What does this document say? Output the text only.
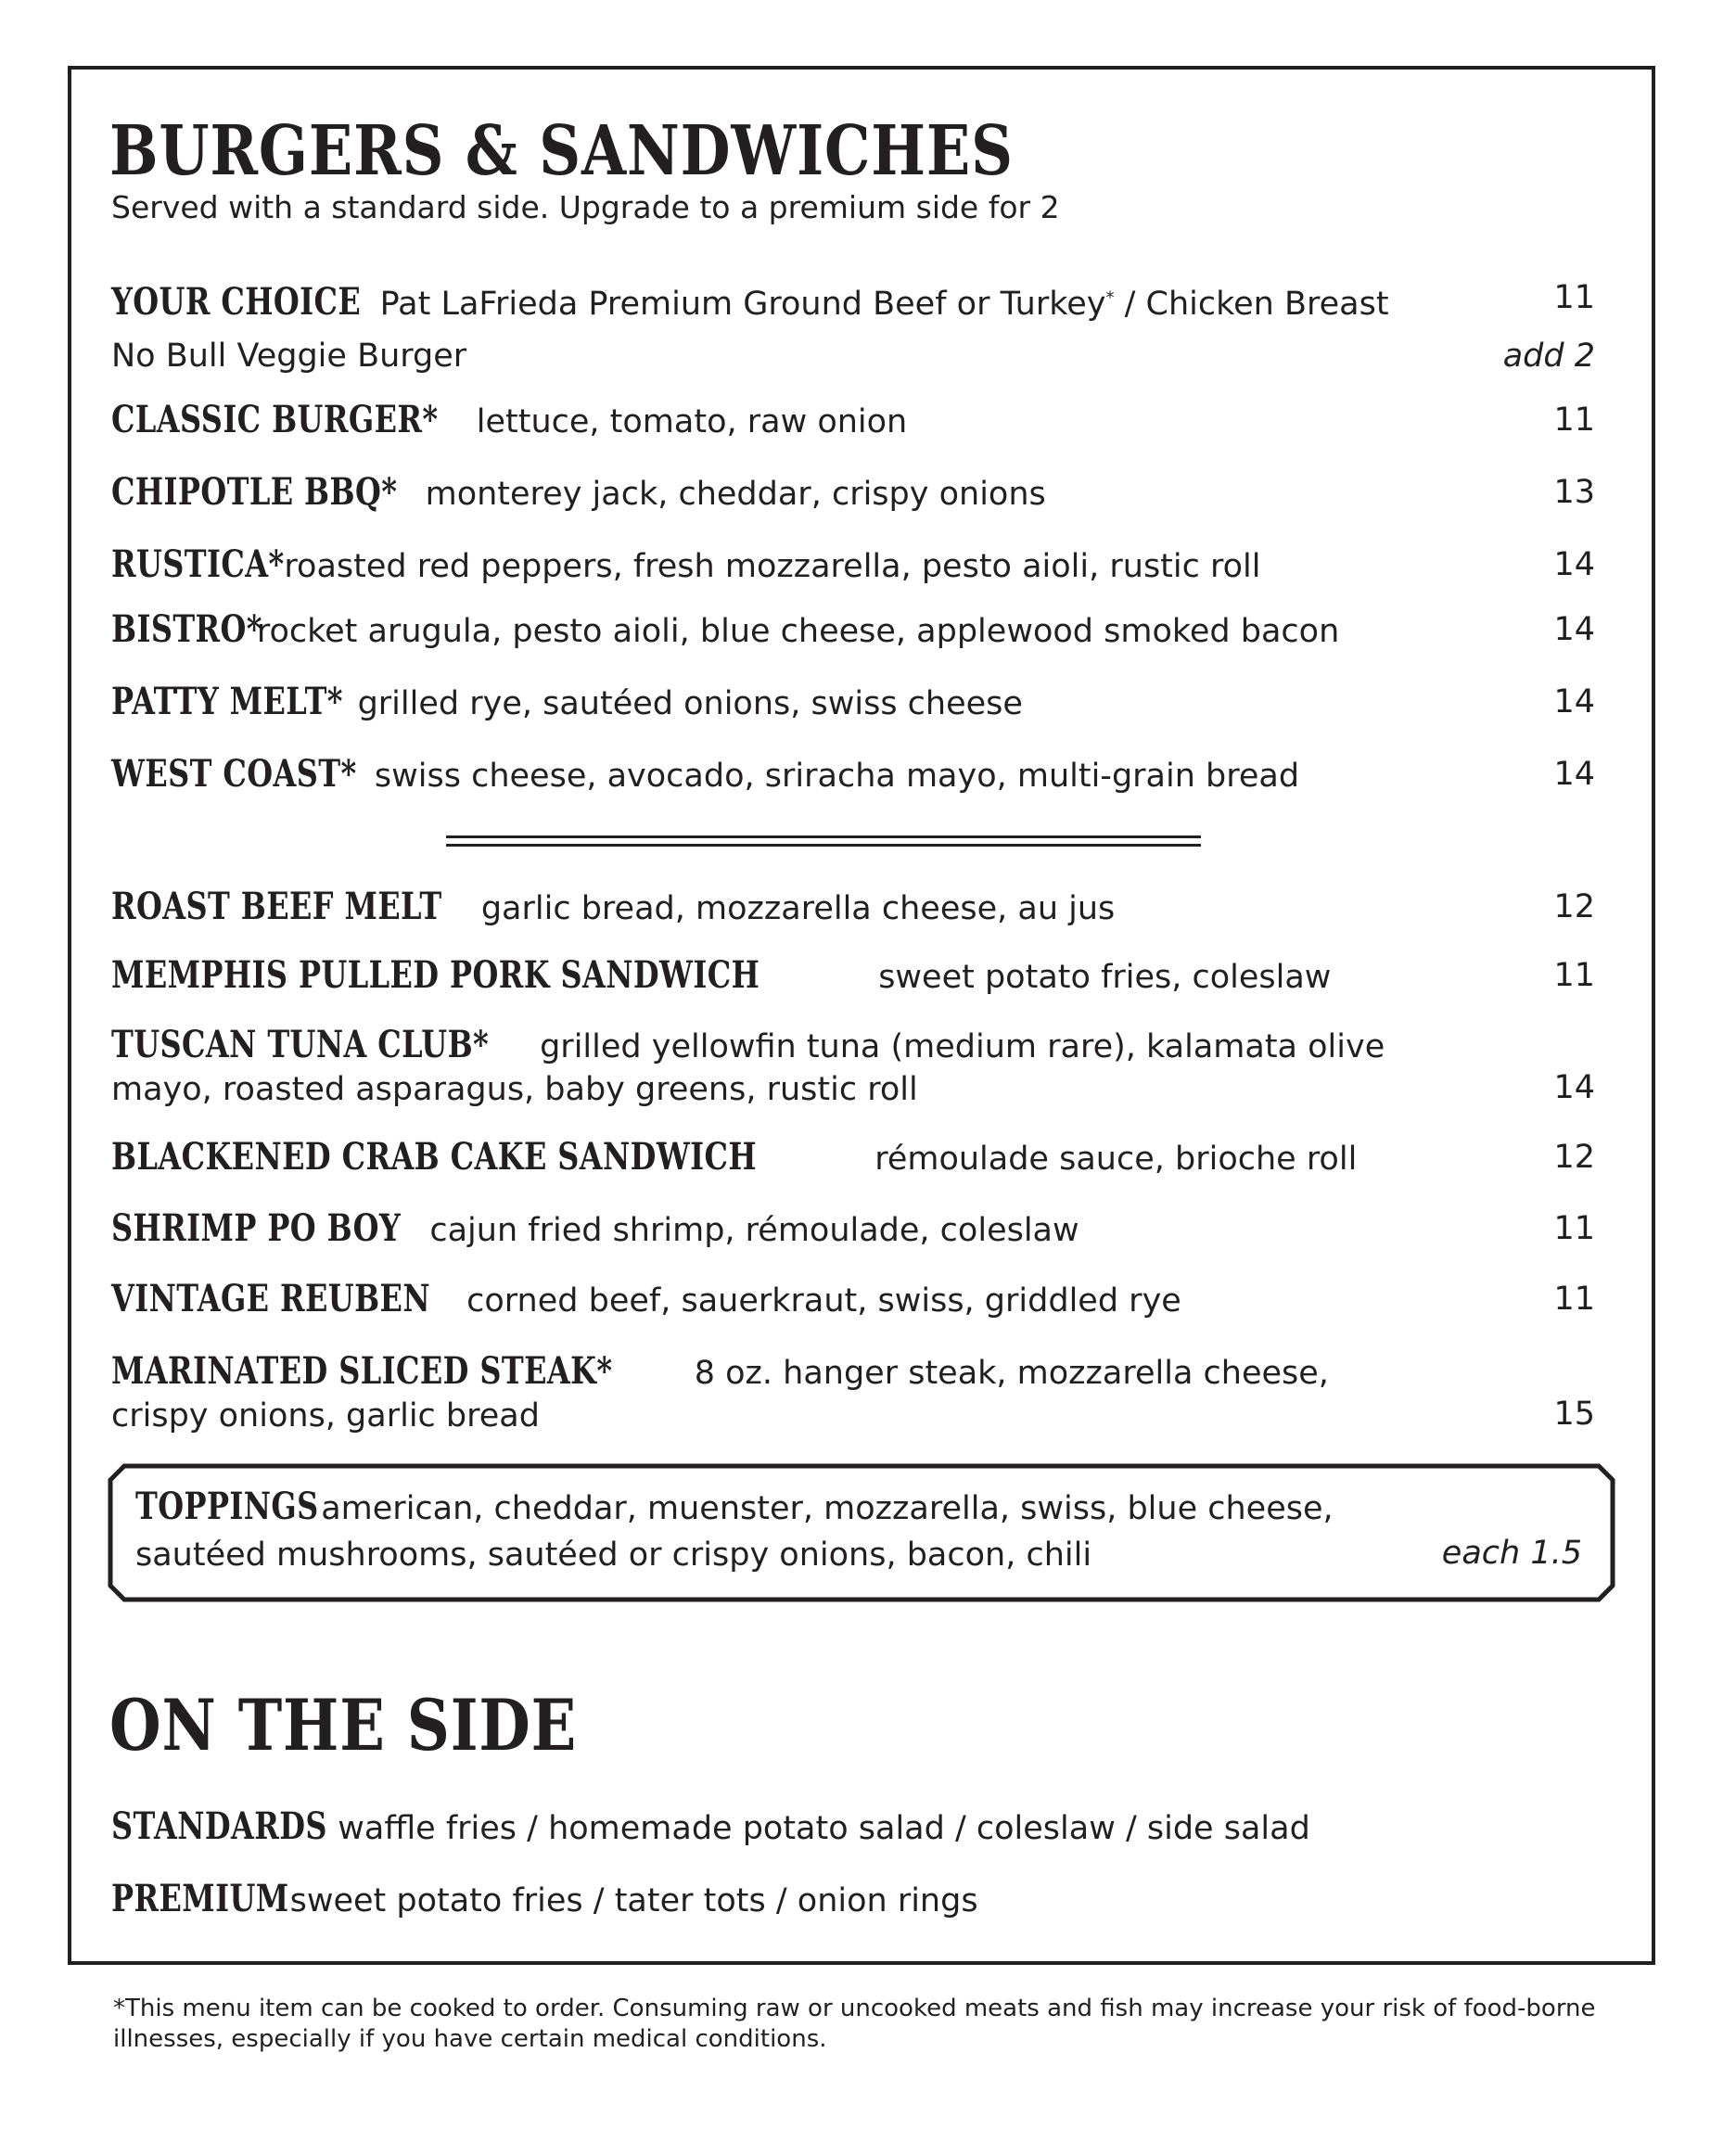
BURGERS & SANDWICHES
Served with a standard side. Upgrade to a premium side for 2
YOUR CHOICE Pat LaFrieda Premium Ground Beef or Turkey* / Chicken Breast	11
No Bull Veggie Burger	add 2
CLASSIC BURGER* lettuce, tomato, raw onion	11
CHIPOTLE BBQ* monterey jack, cheddar, crispy onions	13
RUSTICA* roasted red peppers, fresh mozzarella, pesto aioli, rustic roll	14
BISTRO* rocket arugula, pesto aioli, blue cheese, applewood smoked bacon	14
PATTY MELT* grilled rye, sautéed onions, swiss cheese	14
WEST COAST* swiss cheese, avocado, sriracha mayo, multi-grain bread	14
ROAST BEEF MELT garlic bread, mozzarella cheese, au jus	12
MEMPHIS PULLED PORK SANDWICH	sweet potato fries, coleslaw	11
TUSCAN TUNA CLUB* grilled yellowfin tuna (medium rare), kalamata olive
mayo, roasted asparagus, baby greens, rustic roll	14
BLACKENED CRAB CAKE SANDWICH	rémoulade sauce, brioche roll	12
SHRIMP PO BOY cajun fried shrimp, rémoulade, coleslaw	11
VINTAGE REUBEN corned beef, sauerkraut, swiss, griddled rye	11
MARINATED SLICED STEAK*	8 oz. hanger steak, mozzarella cheese,
crispy onions, garlic bread	15
TOPPINGS american, cheddar, muenster, mozzarella, swiss, blue cheese,
sautéed mushrooms, sautéed or crispy onions, bacon, chili	each 1.5
ON THE SIDE
STANDARDS waffle fries / homemade potato salad / coleslaw / side salad
PREMIUM sweet potato fries / tater tots / onion rings
*This menu item can be cooked to order. Consuming raw or uncooked meats and fish may increase your risk of food-borne illnesses, especially if you have certain medical conditions.
